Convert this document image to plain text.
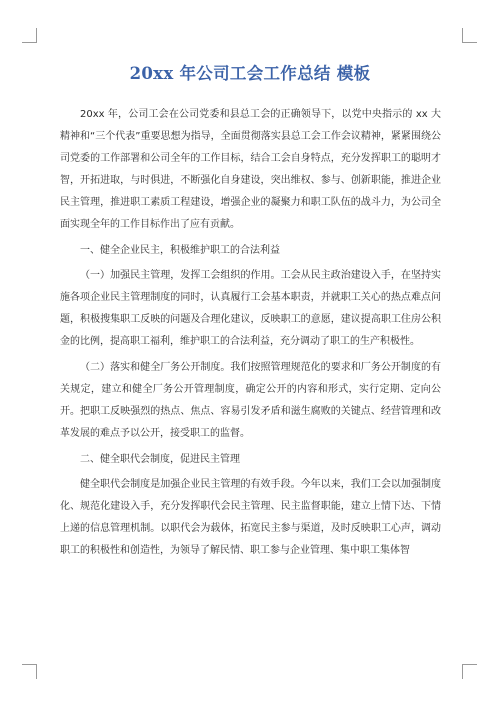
20xx 年公司工会工作总结 模板

20xx 年，公司工会在公司党委和县总工会的正确领导下，以党中央指示的 xx 大精神和“三个代表”重要思想为指导，全面贯彻落实县总工会工作会议精神，紧紧围绕公司党委的工作部署和公司全年的工作目标，结合工会自身特点，充分发挥职工的聪明才智，开拓进取，与时俱进，不断强化自身建设，突出维权、参与、创新职能，推进企业民主管理，推进职工素质工程建设，增强企业的凝聚力和职工队伍的战斗力，为公司全面实现全年的工作目标作出了应有贡献。

一、健全企业民主，积极维护职工的合法利益

（一）加强民主管理，发挥工会组织的作用。工会从民主政治建设入手，在坚持实施各项企业民主管理制度的同时，认真履行工会基本职责，并就职工关心的热点难点问题，积极搜集职工反映的问题及合理化建议，反映职工的意愿，建议提高职工住房公积金的比例，提高职工福利，维护职工的合法利益，充分调动了职工的生产积极性。

（二）落实和健全厂务公开制度。我们按照管理规范化的要求和厂务公开制度的有关规定，建立和健全厂务公开管理制度，确定公开的内容和形式，实行定期、定向公开。把职工反映强烈的热点、焦点、容易引发矛盾和滋生腐败的关键点、经营管理和改革发展的难点予以公开，接受职工的监督。

二、健全职代会制度，促进民主管理

健全职代会制度是加强企业民主管理的有效手段。今年以来，我们工会以加强制度化、规范化建设入手，充分发挥职代会民主管理、民主监督职能，建立上情下达、下情上递的信息管理机制。以职代会为载体，拓宽民主参与渠道，及时反映职工心声，调动职工的积极性和创造性，为领导了解民情、职工参与企业管理、集中职工集体智
